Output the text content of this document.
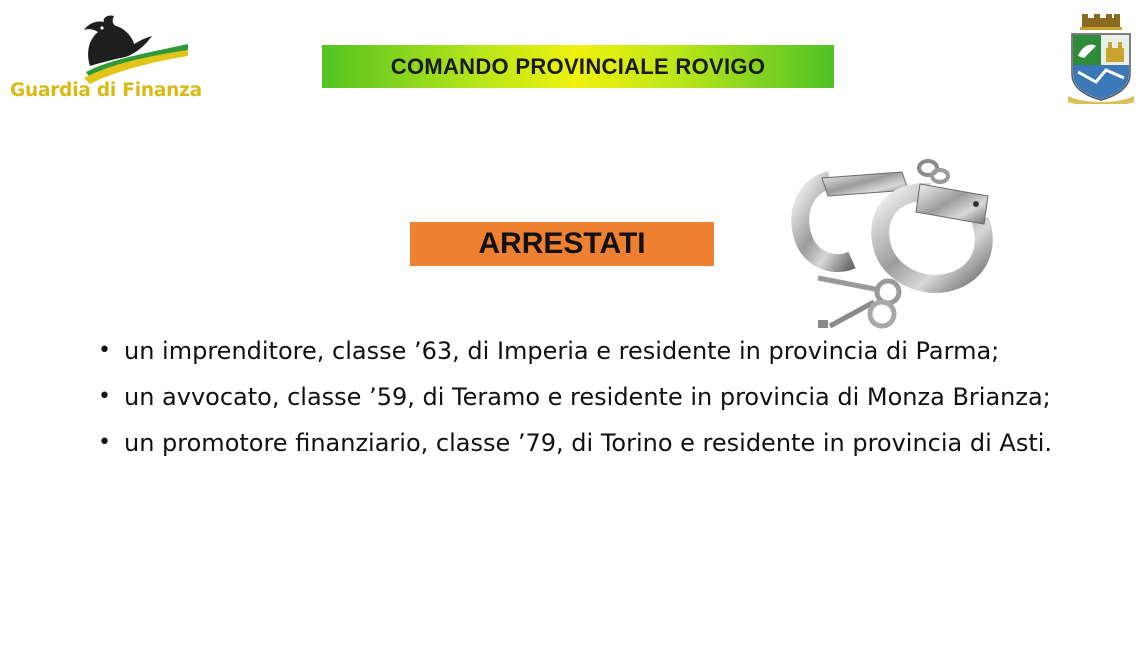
Guardia di Finanza
COMANDO PROVINCIALE ROVIGO
ARRESTATI
• un imprenditore, classe ’63, di Imperia e residente in provincia di Parma;
• un avvocato, classe ’59, di Teramo e residente in provincia di Monza Brianza;
• un promotore finanziario, classe ’79, di Torino e residente in provincia di Asti.
